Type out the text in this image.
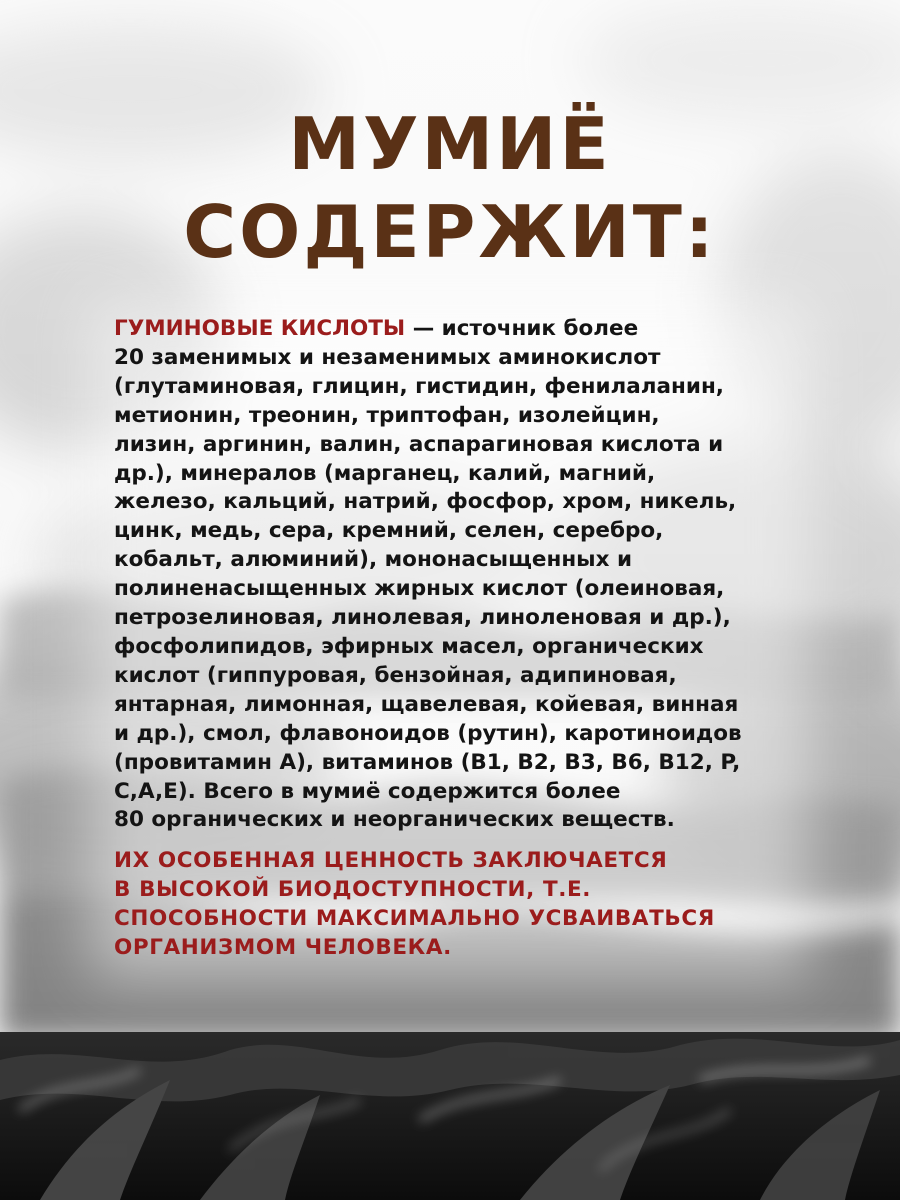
МУМИЁ
СОДЕРЖИТ:
ГУМИНОВЫЕ КИСЛОТЫ — источник более
20 заменимых и незаменимых аминокислот
(глутаминовая, глицин, гистидин, фенилаланин,
метионин, треонин, триптофан, изолейцин,
лизин, аргинин, валин, аспарагиновая кислота и
др.), минералов (марганец, калий, магний,
железо, кальций, натрий, фосфор, хром, никель,
цинк, медь, сера, кремний, селен, серебро,
кобальт, алюминий), мононасыщенных и
полиненасыщенных жирных кислот (олеиновая,
петрозелиновая, линолевая, линоленовая и др.),
фосфолипидов, эфирных масел, органических
кислот (гиппуровая, бензойная, адипиновая,
янтарная, лимонная, щавелевая, койевая, винная
и др.), смол, флавоноидов (рутин), каротиноидов
(провитамин А), витаминов (B1, B2, B3, B6, B12, P,
C,A,E). Всего в мумиё содержится более
80 органических и неорганических веществ.
ИХ ОСОБЕННАЯ ЦЕННОСТЬ ЗАКЛЮЧАЕТСЯ
В ВЫСОКОЙ БИОДОСТУПНОСТИ, Т.Е.
СПОСОБНОСТИ МАКСИМАЛЬНО УСВАИВАТЬСЯ
ОРГАНИЗМОМ ЧЕЛОВЕКА.
